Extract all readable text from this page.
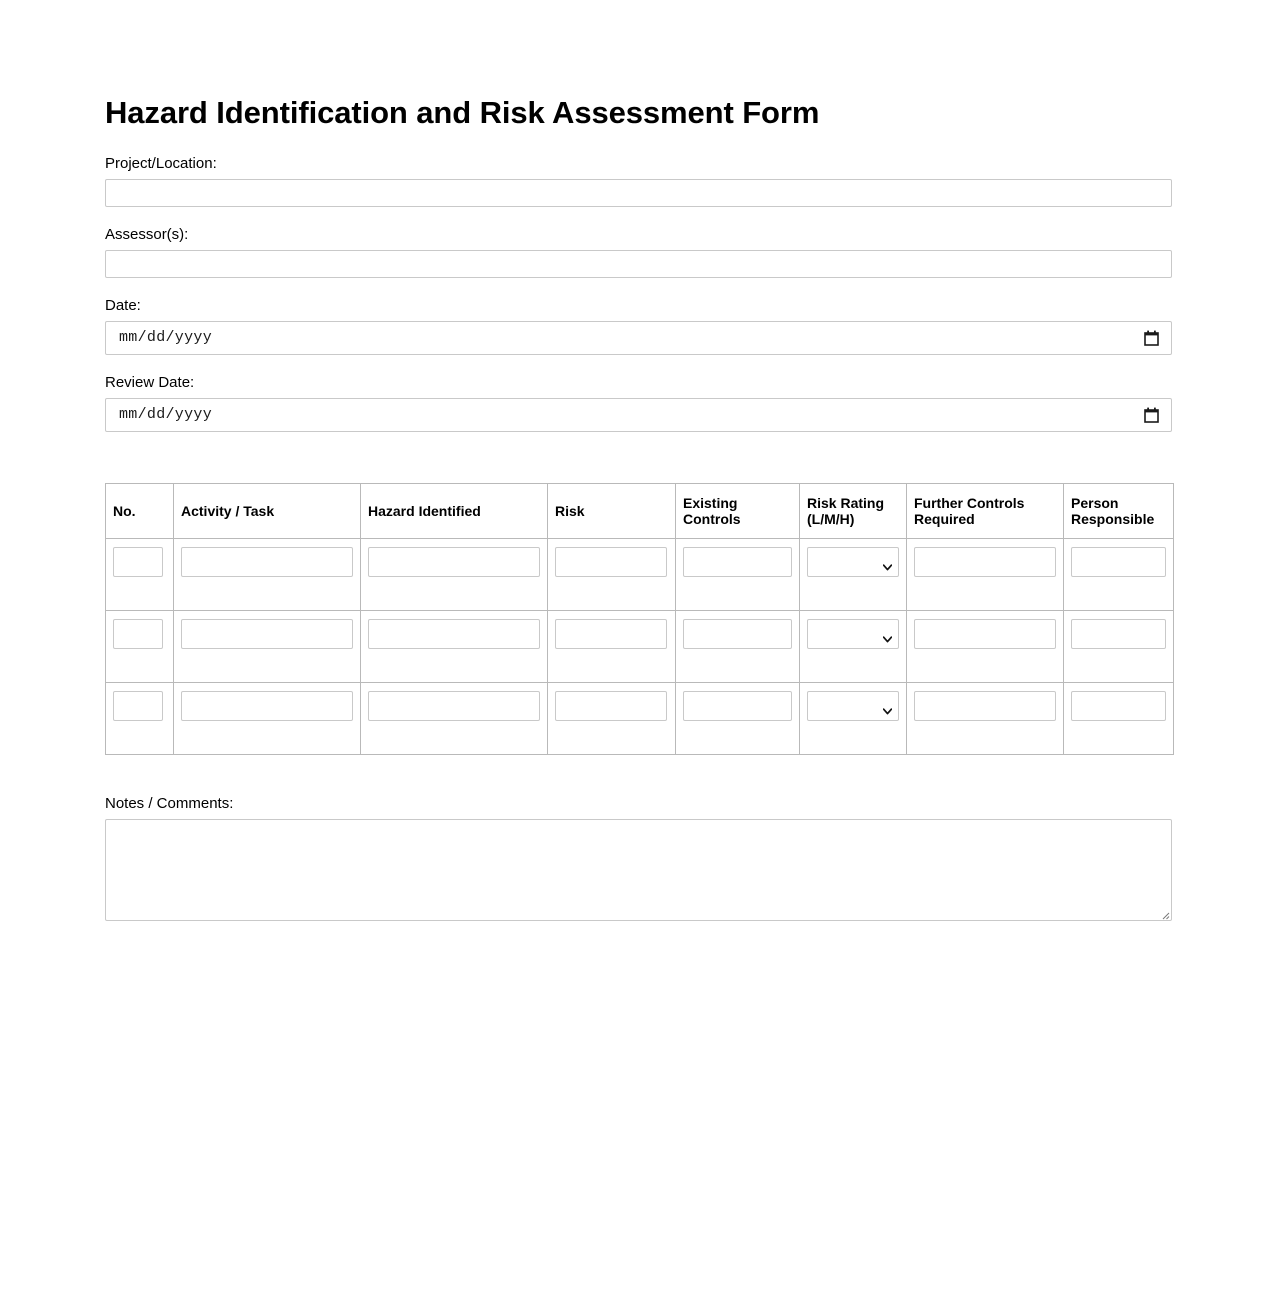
Hazard Identification and Risk Assessment Form
Project/Location:
Assessor(s):
Date:
mm/dd/yyyy
Review Date:
mm/dd/yyyy
No.	Activity / Task	Hazard Identified	Risk	Existing Controls	Risk Rating (L/M/H)	Further Controls Required	Person Responsible

Notes / Comments:
